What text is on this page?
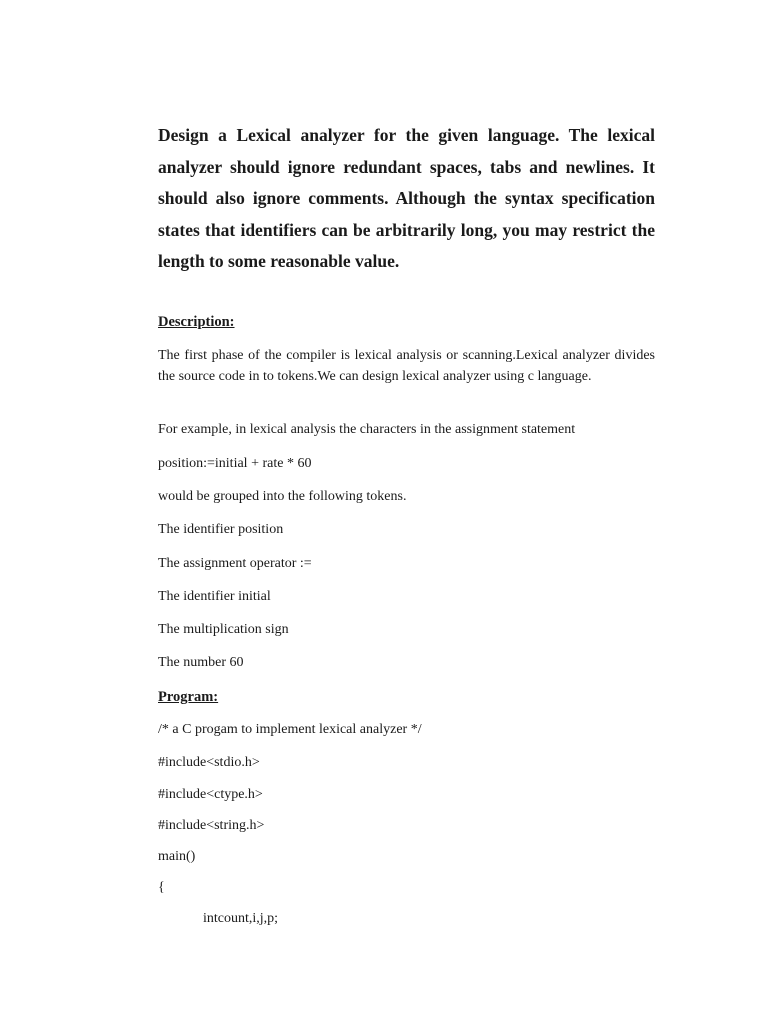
Design a Lexical analyzer for the given language. The lexical analyzer should ignore redundant spaces, tabs and newlines. It should also ignore comments. Although the syntax specification states that identifiers can be arbitrarily long, you may restrict the length to some reasonable value.

Description:

The first phase of the compiler is lexical analysis or scanning.Lexical analyzer divides the source code in to tokens.We can design lexical analyzer using c language.

For example, in lexical analysis the characters in the assignment statement

position:=initial + rate * 60

would be grouped into the following tokens.

The identifier position

The assignment operator :=

The identifier initial

The multiplication sign

The number 60

Program:

/* a C progam to implement lexical analyzer */

#include<stdio.h>

#include<ctype.h>

#include<string.h>

main()

{

intcount,i,j,p;
